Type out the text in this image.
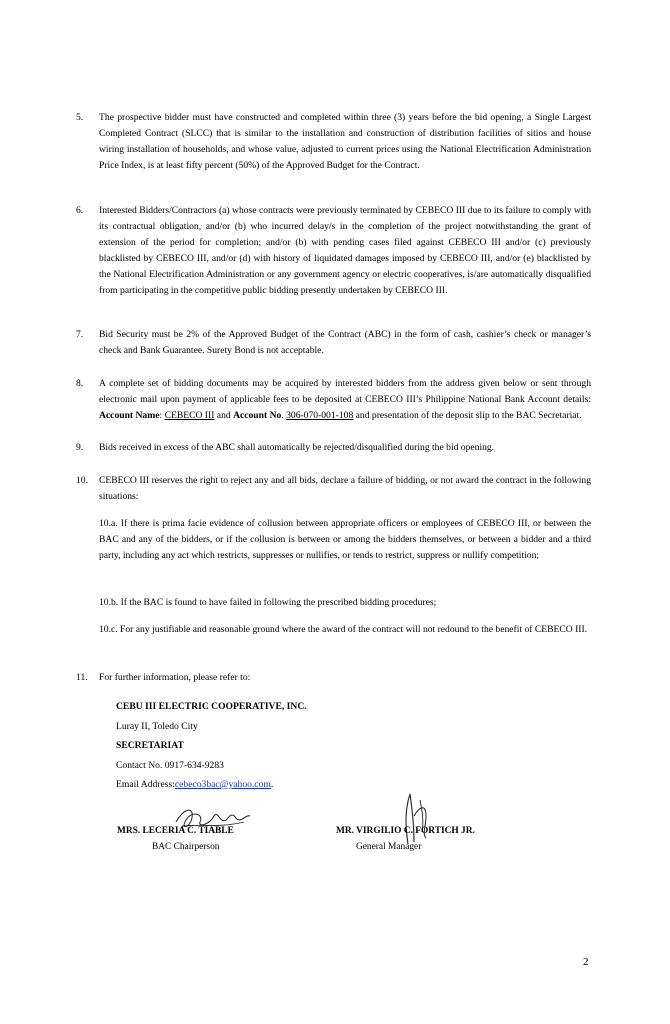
5.	The prospective bidder must have constructed and completed within three (3) years before the bid opening, a Single Largest Completed Contract (SLCC) that is similar to the installation and construction of distribution facilities of sitios and house wiring installation of households, and whose value, adjusted to current prices using the National Electrification Administration Price Index, is at least fifty percent (50%) of the Approved Budget for the Contract.
6.	Interested Bidders/Contractors (a) whose contracts were previously terminated by CEBECO III due to its failure to comply with its contractual obligation, and/or (b) who incurred delay/s in the completion of the project notwithstanding the grant of extension of the period for completion; and/or (b) with pending cases filed against CEBECO III and/or (c) previously blacklisted by CEBECO III, and/or (d) with history of liquidated damages imposed by CEBECO III, and/or (e) blacklisted by the National Electrification Administration or any government agency or electric cooperatives, is/are automatically disqualified from participating in the competitive public bidding presently undertaken by CEBECO III.
7.	Bid Security must be 2% of the Approved Budget of the Contract (ABC) in the form of cash, cashier’s check or manager’s check and Bank Guarantee. Surety Bond is not acceptable.
8.	A complete set of bidding documents may be acquired by interested bidders from the address given below or sent through electronic mail upon payment of applicable fees to be deposited at CEBECO III’s Philippine National Bank Account details: Account Name: CEBECO III and Account No. 306-070-001-108 and presentation of the deposit slip to the BAC Secretariat.
9.	Bids received in excess of the ABC shall automatically be rejected/disqualified during the bid opening.
10.	CEBECO III reserves the right to reject any and all bids, declare a failure of bidding, or not award the contract in the following situations:
10.a. If there is prima facie evidence of collusion between appropriate officers or employees of CEBECO III, or between the BAC and any of the bidders, or if the collusion is between or among the bidders themselves, or between a bidder and a third party, including any act which restricts, suppresses or nullifies, or tends to restrict, suppress or nullify competition;
10.b. If the BAC is found to have failed in following the prescribed bidding procedures;
10.c. For any justifiable and reasonable ground where the award of the contract will not redound to the benefit of CEBECO III.
11.	For further information, please refer to:
CEBU III ELECTRIC COOPERATIVE, INC.
Luray II, Toledo City
SECRETARIAT
Contact No. 0917-634-9283
Email Address:cebeco3bac@yahoo.com.
MRS. LECERIA C. TIABLE
BAC Chairperson
MR. VIRGILIO C. FORTICH JR.
General Manager
2
